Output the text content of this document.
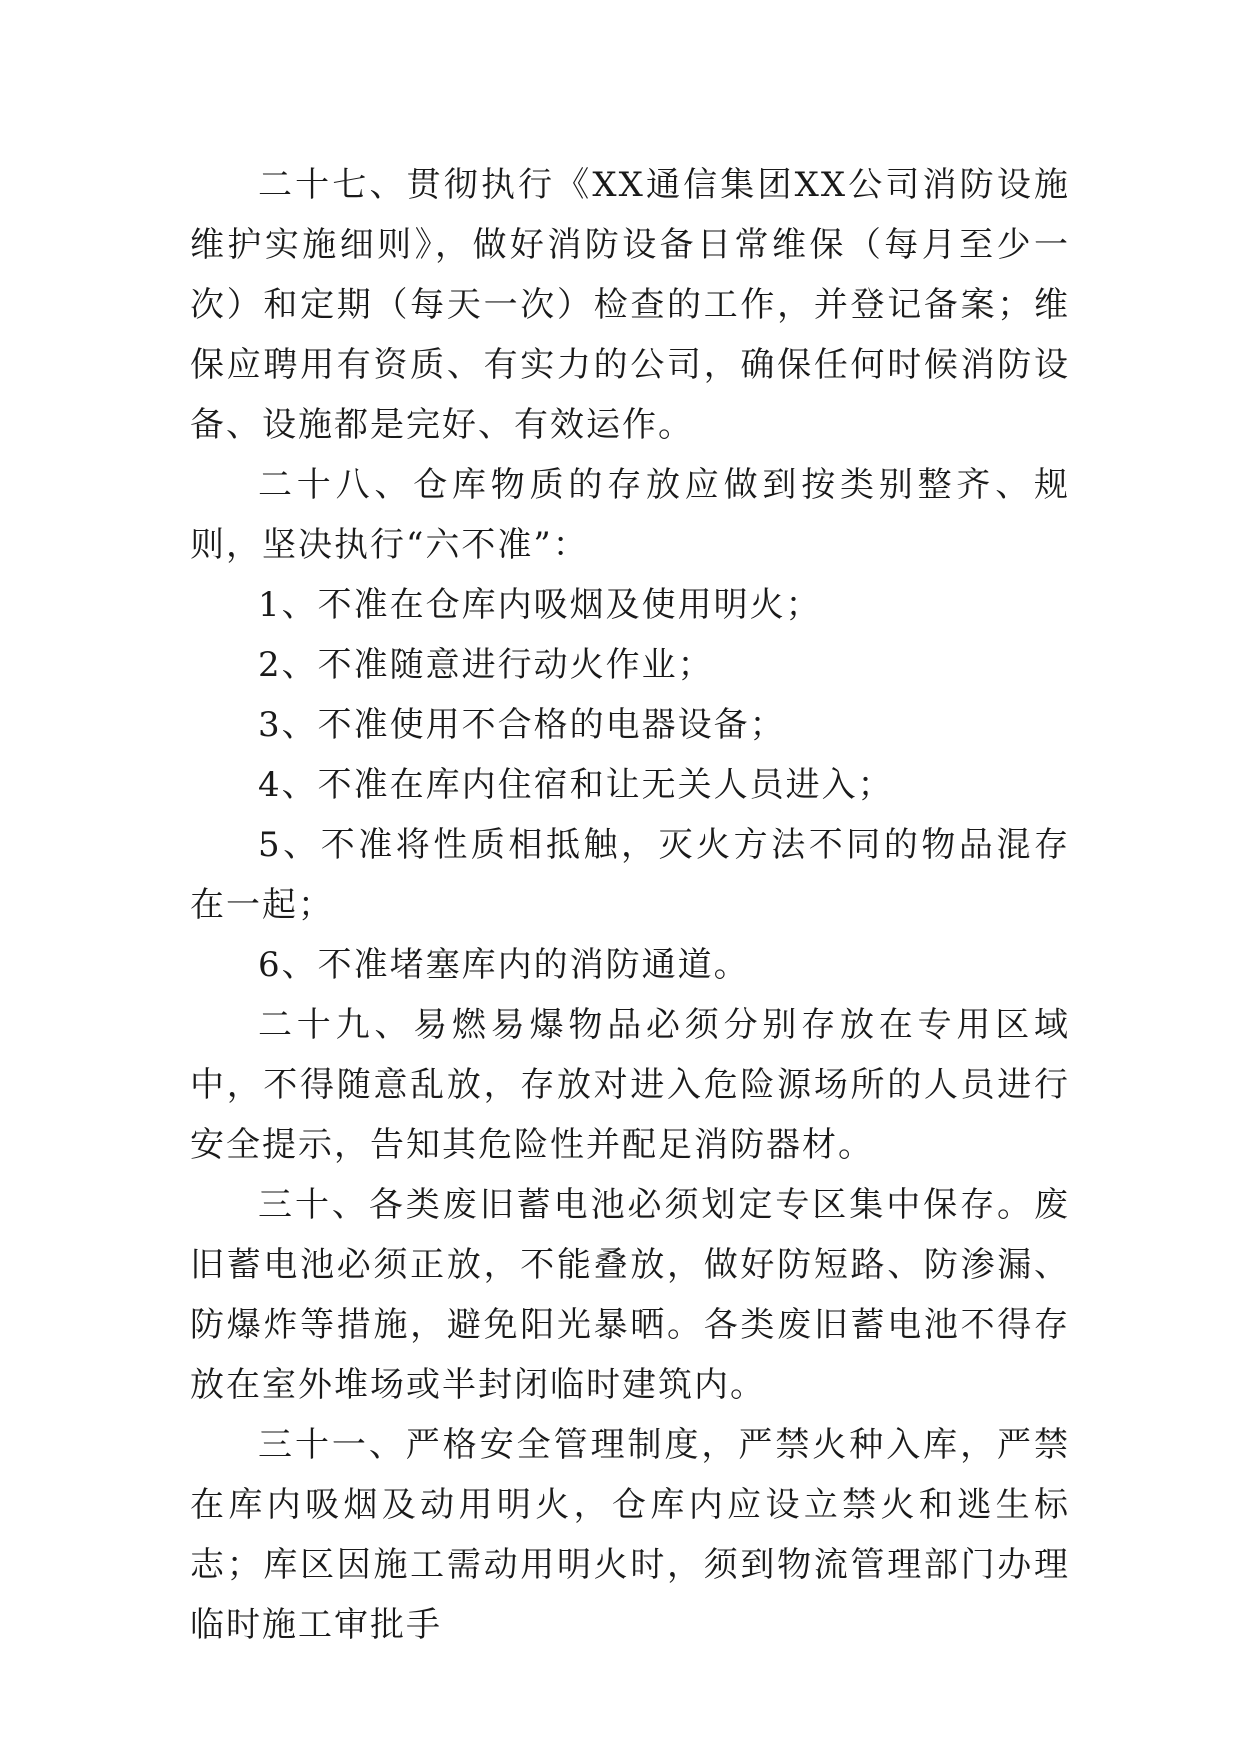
二十七、贯彻执行《XX通信集团XX公司消防设施维护实施细则》，做好消防设备日常维保（每月至少一次）和定期（每天一次）检查的工作，并登记备案；维保应聘用有资质、有实力的公司，确保任何时候消防设备、设施都是完好、有效运作。

二十八、仓库物质的存放应做到按类别整齐、规则，坚决执行“六不准”：

1、不准在仓库内吸烟及使用明火；

2、不准随意进行动火作业；

3、不准使用不合格的电器设备；

4、不准在库内住宿和让无关人员进入；

5、不准将性质相抵触，灭火方法不同的物品混存在一起；

6、不准堵塞库内的消防通道。

二十九、易燃易爆物品必须分别存放在专用区域中，不得随意乱放，存放对进入危险源场所的人员进行安全提示，告知其危险性并配足消防器材。

三十、各类废旧蓄电池必须划定专区集中保存。废旧蓄电池必须正放，不能叠放，做好防短路、防渗漏、防爆炸等措施，避免阳光暴晒。各类废旧蓄电池不得存放在室外堆场或半封闭临时建筑内。

三十一、严格安全管理制度，严禁火种入库，严禁在库内吸烟及动用明火，仓库内应设立禁火和逃生标志；库区因施工需动用明火时，须到物流管理部门办理临时施工审批手
